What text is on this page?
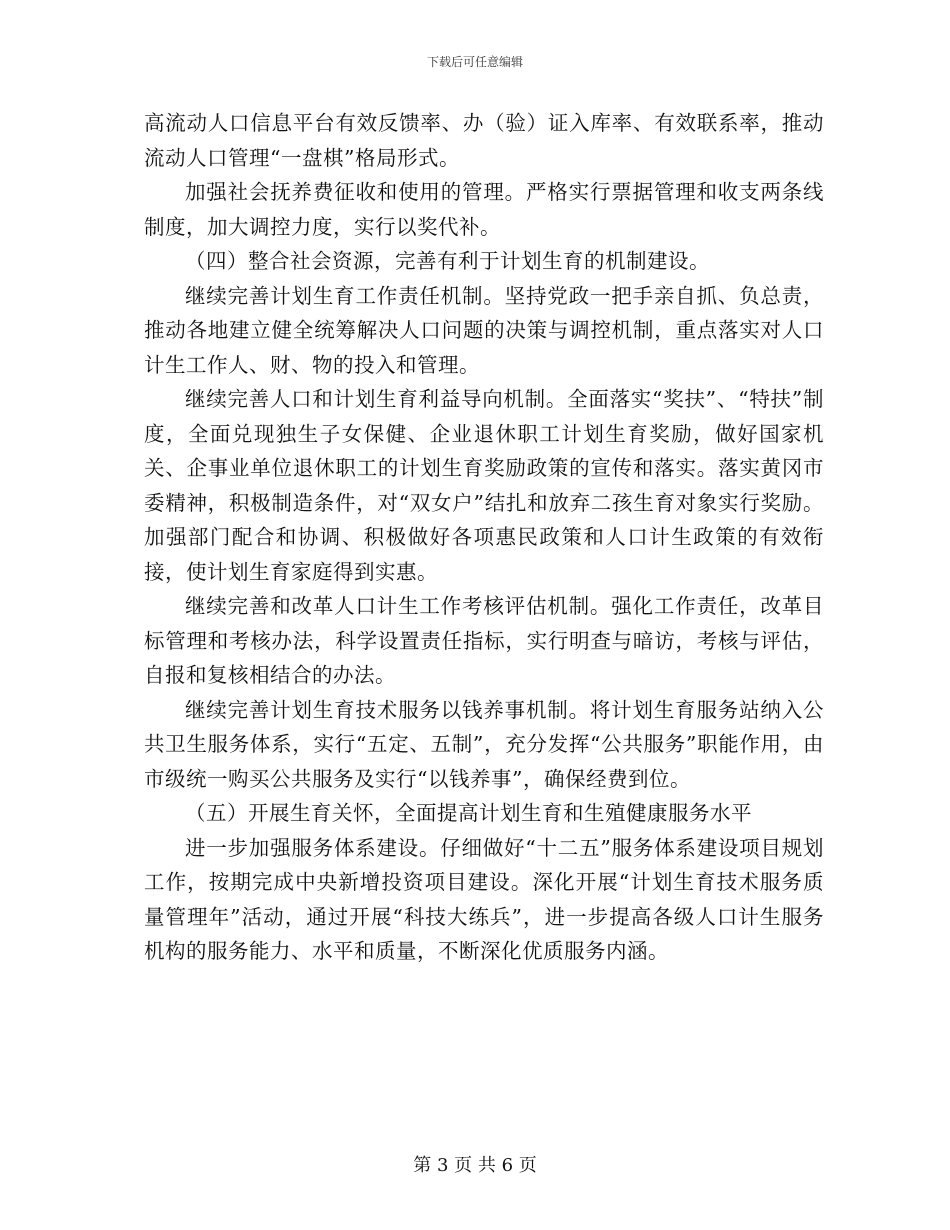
下载后可任意编辑

高流动人口信息平台有效反馈率、办（验）证入库率、有效联系率，推动流动人口管理“一盘棋”格局形式。

加强社会抚养费征收和使用的管理。严格实行票据管理和收支两条线制度，加大调控力度，实行以奖代补。

（四）整合社会资源，完善有利于计划生育的机制建设。

继续完善计划生育工作责任机制。坚持党政一把手亲自抓、负总责，推动各地建立健全统筹解决人口问题的决策与调控机制，重点落实对人口计生工作人、财、物的投入和管理。

继续完善人口和计划生育利益导向机制。全面落实“奖扶”、“特扶”制度，全面兑现独生子女保健、企业退休职工计划生育奖励，做好国家机关、企事业单位退休职工的计划生育奖励政策的宣传和落实。落实黄冈市委精神，积极制造条件，对“双女户”结扎和放弃二孩生育对象实行奖励。加强部门配合和协调、积极做好各项惠民政策和人口计生政策的有效衔接，使计划生育家庭得到实惠。

继续完善和改革人口计生工作考核评估机制。强化工作责任，改革目标管理和考核办法，科学设置责任指标，实行明查与暗访，考核与评估，自报和复核相结合的办法。

继续完善计划生育技术服务以钱养事机制。将计划生育服务站纳入公共卫生服务体系，实行“五定、五制”，充分发挥“公共服务”职能作用，由市级统一购买公共服务及实行“以钱养事”，确保经费到位。

（五）开展生育关怀，全面提高计划生育和生殖健康服务水平

进一步加强服务体系建设。仔细做好“十二五”服务体系建设项目规划工作，按期完成中央新增投资项目建设。深化开展“计划生育技术服务质量管理年”活动，通过开展“科技大练兵”，进一步提高各级人口计生服务机构的服务能力、水平和质量，不断深化优质服务内涵。

第 3 页 共 6 页
